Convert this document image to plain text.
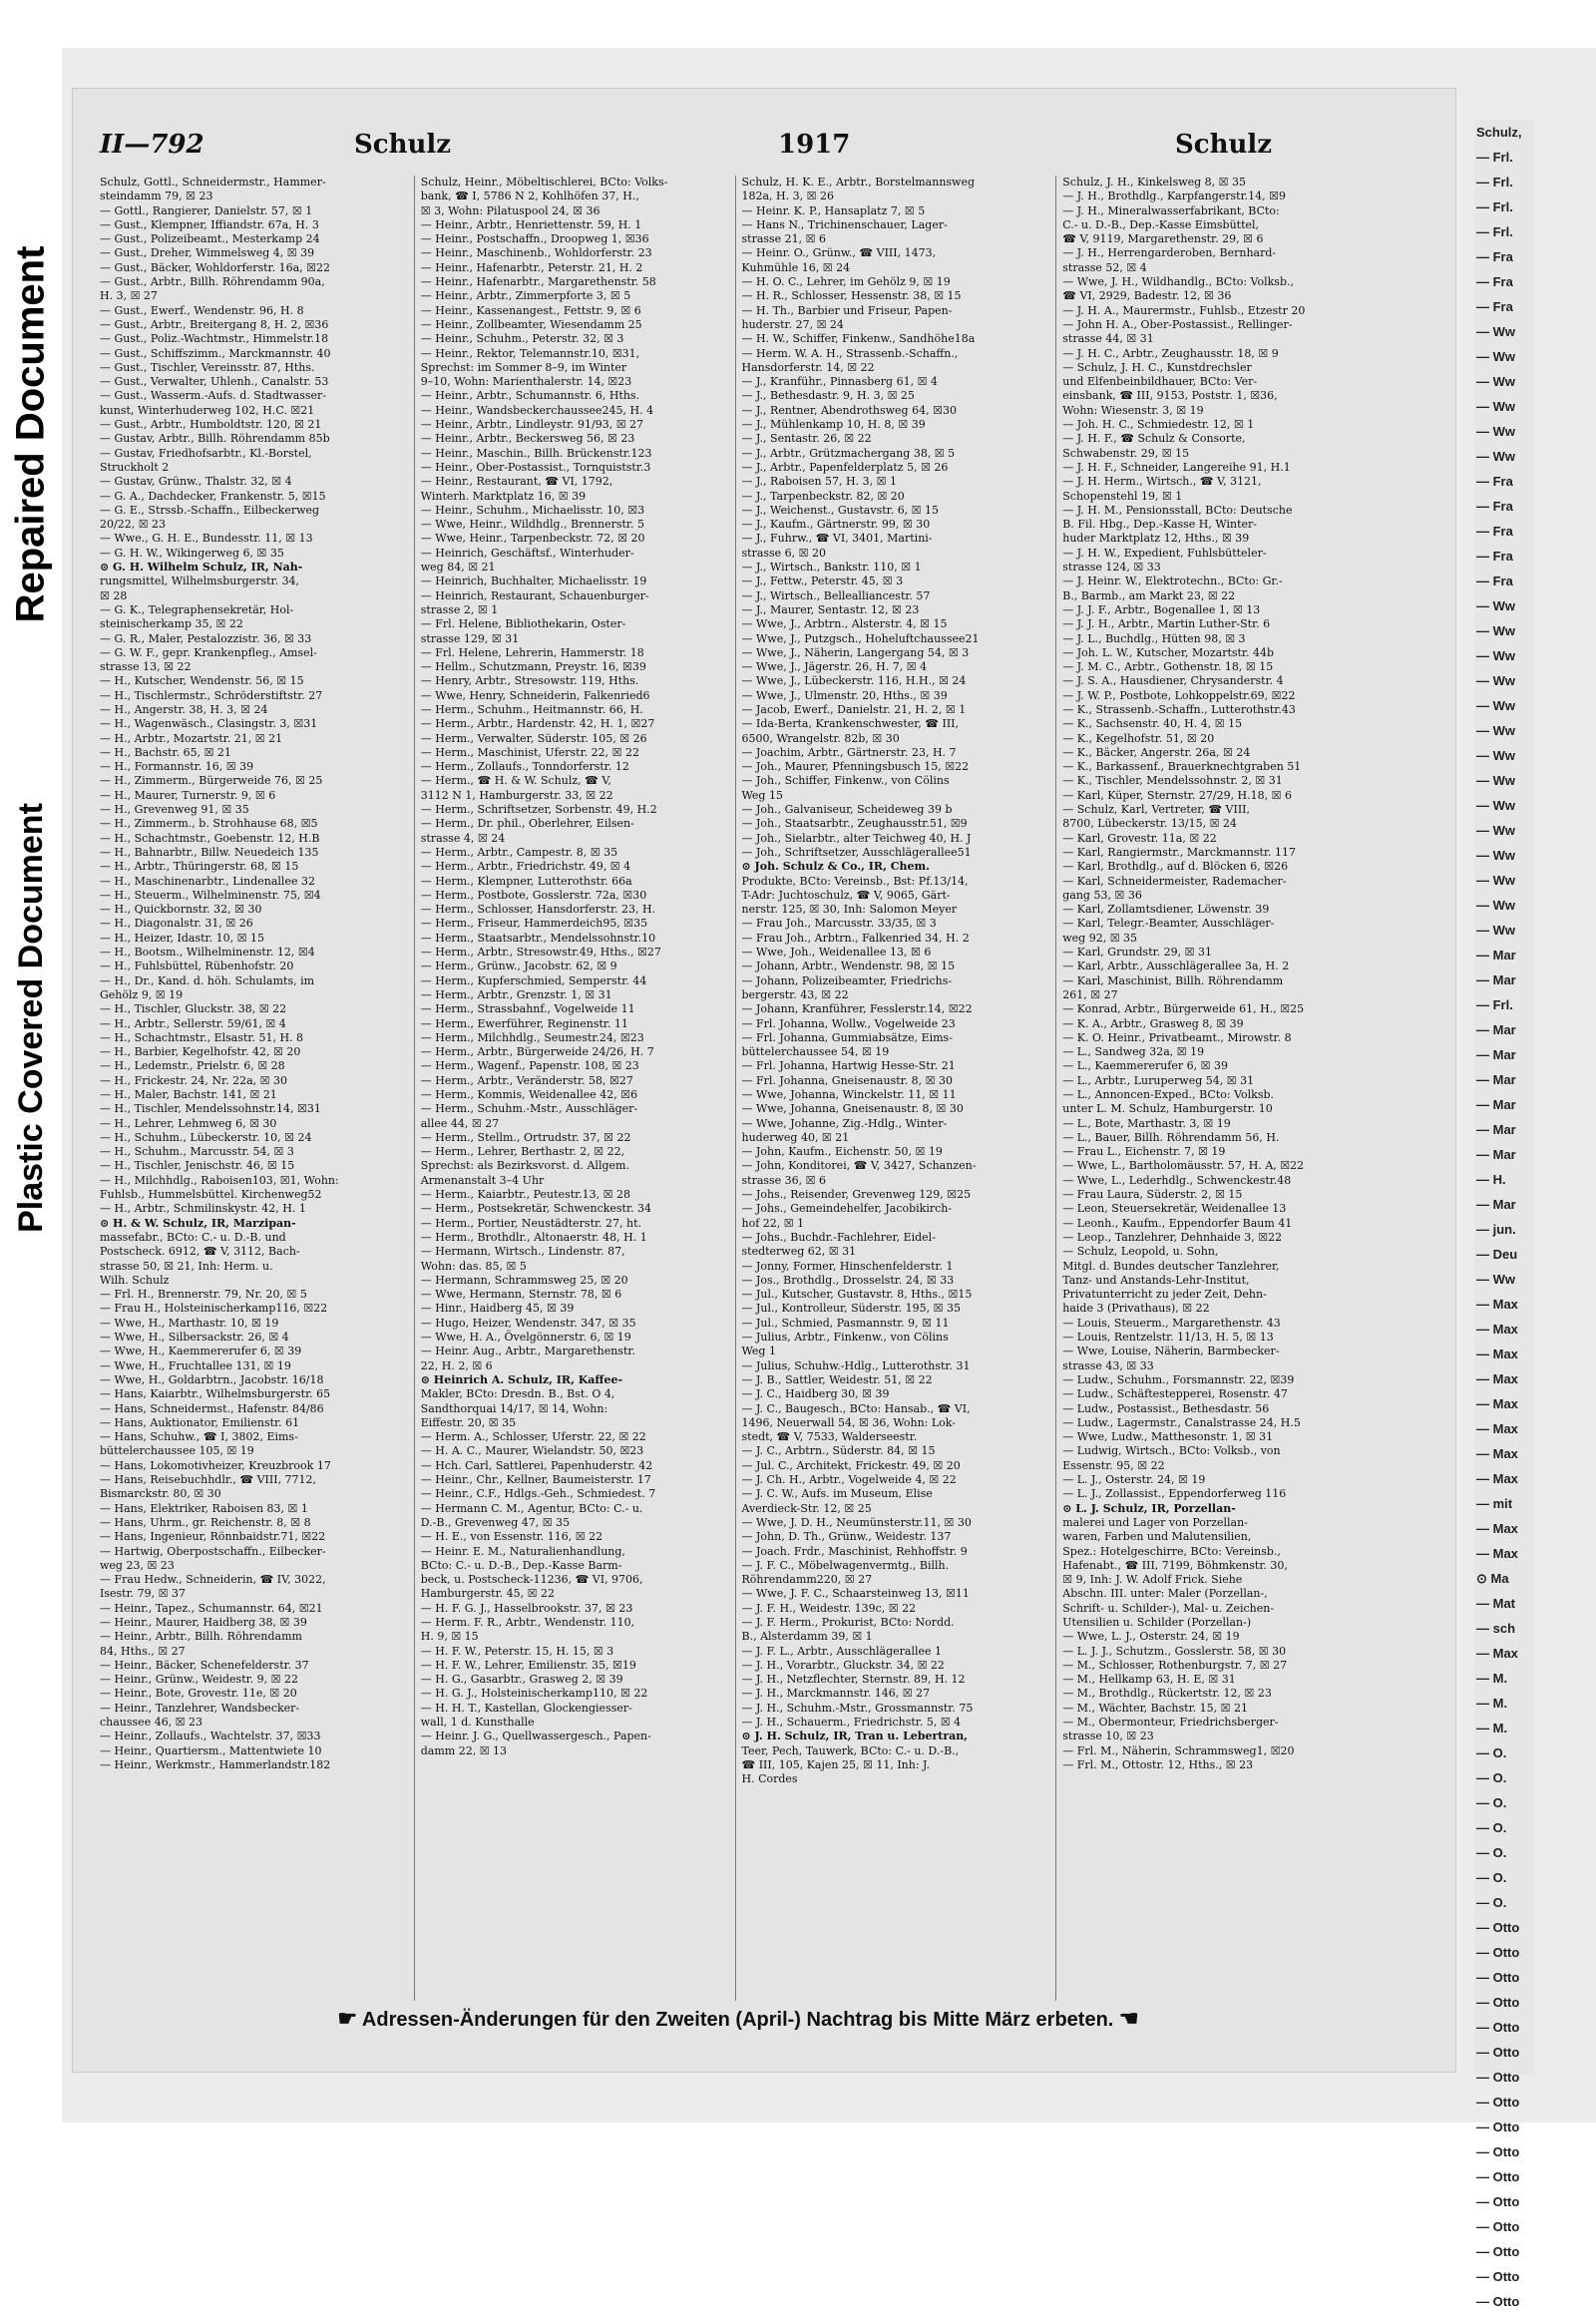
Repaired Document
Plastic Covered Document
Schulz,
— Frl.
— Frl.
— Frl.
— Frl.
— Fra
— Fra
— Fra
— Ww
— Ww
— Ww
— Ww
— Ww
— Ww
— Fra
— Fra
— Fra
— Fra
— Fra
— Ww
— Ww
— Ww
— Ww
— Ww
— Ww
— Ww
— Ww
— Ww
— Ww
— Ww
— Ww
— Ww
— Ww
— Mar
— Mar
— Frl.
— Mar
— Mar
— Mar
— Mar
— Mar
— Mar
— H.
— Mar
— jun.
— Deu
— Ww
— Max
— Max
— Max
— Max
— Max
— Max
— Max
— Max
— mit
— Max
— Max
⊙ Ma
— Mat
— sch
— Max
— M.
— M.
— M.
— O.
— O.
— O.
— O.
— O.
— O.
— O.
— Otto
— Otto
— Otto
— Otto
— Otto
— Otto
— Otto
— Otto
— Otto
— Otto
— Otto
— Otto
— Otto
— Otto
— Otto
— Otto
II—792	Schulz	1917	Schulz
Schulz, Gottl., Schneidermstr., Hammer-
steindamm 79, ☒ 23
— Gottl., Rangierer, Danielstr. 57, ☒ 1
— Gust., Klempner, Iffiandstr. 67a, H. 3
— Gust., Polizeibeamt., Mesterkamp 24
— Gust., Dreher, Wimmelsweg 4, ☒ 39
— Gust., Bäcker, Wohldorferstr. 16a, ☒22
— Gust., Arbtr., Billh. Röhrendamm 90a,
H. 3, ☒ 27
— Gust., Ewerf., Wendenstr. 96, H. 8
— Gust., Arbtr., Breitergang 8, H. 2, ☒36
— Gust., Poliz.-Wachtmstr., Himmelstr.18
— Gust., Schiffszimm., Marckmannstr. 40
— Gust., Tischler, Vereinsstr. 87, Hths.
— Gust., Verwalter, Uhlenh., Canalstr. 53
— Gust., Wasserm.-Aufs. d. Stadtwasser-
kunst, Winterhuderweg 102, H.C. ☒21
— Gust., Arbtr., Humboldtstr. 120, ☒ 21
— Gustav, Arbtr., Billh. Röhrendamm 85b
— Gustav, Friedhofsarbtr., Kl.-Borstel,
Struckholt 2
— Gustav, Grünw., Thalstr. 32, ☒ 4
— G. A., Dachdecker, Frankenstr. 5, ☒15
— G. E., Strssb.-Schaffn., Eilbeckerweg
20/22, ☒ 23
— Wwe., G. H. E., Bundesstr. 11, ☒ 13
— G. H. W., Wikingerweg 6, ☒ 35
⊙ G. H. Wilhelm Schulz, IR, Nah-
rungsmittel, Wilhelmsburgerstr. 34,
☒ 28
— G. K., Telegraphensekretär, Hol-
steinischerkamp 35, ☒ 22
— G. R., Maler, Pestalozzistr. 36, ☒ 33
— G. W. F., gepr. Krankenpfleg., Amsel-
strasse 13, ☒ 22
— H., Kutscher, Wendenstr. 56, ☒ 15
— H., Tischlermstr., Schröderstiftstr. 27
— H., Angerstr. 38, H. 3, ☒ 24
— H., Wagenwäsch., Clasingstr. 3, ☒31
— H., Arbtr., Mozartstr. 21, ☒ 21
— H., Bachstr. 65, ☒ 21
— H., Formannstr. 16, ☒ 39
— H., Zimmerm., Bürgerweide 76, ☒ 25
— H., Maurer, Turnerstr. 9, ☒ 6
— H., Grevenweg 91, ☒ 35
— H., Zimmerm., b. Strohhause 68, ☒5
— H., Schachtmstr., Goebenstr. 12, H.B
— H., Bahnarbtr., Billw. Neuedeich 135
— H., Arbtr., Thüringerstr. 68, ☒ 15
— H., Maschinenarbtr., Lindenallee 32
— H., Steuerm., Wilhelminenstr. 75, ☒4
— H., Quickbornstr. 32, ☒ 30
— H., Diagonalstr. 31, ☒ 26
— H., Heizer, Idastr. 10, ☒ 15
— H., Bootsm., Wilhelminenstr. 12, ☒4
— H., Fuhlsbüttel, Rübenhofstr. 20
— H., Dr., Kand. d. höh. Schulamts, im
Gehölz 9, ☒ 19
— H., Tischler, Gluckstr. 38, ☒ 22
— H., Arbtr., Sellerstr. 59/61, ☒ 4
— H., Schachtmstr., Elsastr. 51, H. 8
— H., Barbier, Kegelhofstr. 42, ☒ 20
— H., Ledemstr., Prielstr. 6, ☒ 28
— H., Frickestr. 24, Nr. 22a, ☒ 30
— H., Maler, Bachstr. 141, ☒ 21
— H., Tischler, Mendelssohnstr.14, ☒31
— H., Lehrer, Lehmweg 6, ☒ 30
— H., Schuhm., Lübeckerstr. 10, ☒ 24
— H., Schuhm., Marcusstr. 54, ☒ 3
— H., Tischler, Jenischstr. 46, ☒ 15
— H., Milchhdlg., Raboisen103, ☒1, Wohn:
Fuhlsb., Hummelsbüttel. Kirchenweg52
— H., Arbtr., Schmilinskystr. 42, H. 1
⊙ H. & W. Schulz, IR, Marzipan-
massefabr., BCto: C.- u. D.-B. und
Postscheck. 6912, ☎ V, 3112, Bach-
strasse 50, ☒ 21, Inh: Herm. u.
Wilh. Schulz
— Frl. H., Brennerstr. 79, Nr. 20, ☒ 5
— Frau H., Holsteinischerkamp116, ☒22
— Wwe, H., Marthastr. 10, ☒ 19
— Wwe, H., Silbersackstr. 26, ☒ 4
— Wwe, H., Kaemmererufer 6, ☒ 39
— Wwe, H., Fruchtallee 131, ☒ 19
— Wwe, H., Goldarbtrn., Jacobstr. 16/18
— Hans, Kaiarbtr., Wilhelmsburgerstr. 65
— Hans, Schneidermst., Hafenstr. 84/86
— Hans, Auktionator, Emilienstr. 61
— Hans, Schuhw., ☎ I, 3802, Eims-
büttelerchaussee 105, ☒ 19
— Hans, Lokomotivheizer, Kreuzbrook 17
— Hans, Reisebuchhdlr., ☎ VIII, 7712,
Bismarckstr. 80, ☒ 30
— Hans, Elektriker, Raboisen 83, ☒ 1
— Hans, Uhrm., gr. Reichenstr. 8, ☒ 8
— Hans, Ingenieur, Rönnbaidstr.71, ☒22
— Hartwig, Oberpostschaffn., Eilbecker-
weg 23, ☒ 23
— Frau Hedw., Schneiderin, ☎ IV, 3022,
Isestr. 79, ☒ 37
— Heinr., Tapez., Schumannstr. 64, ☒21
— Heinr., Maurer, Haidberg 38, ☒ 39
— Heinr., Arbtr., Billh. Röhrendamm
84, Hths., ☒ 27
— Heinr., Bäcker, Schenefelderstr. 37
— Heinr., Grünw., Weidestr. 9, ☒ 22
— Heinr., Bote, Grovestr. 11e, ☒ 20
— Heinr., Tanzlehrer, Wandsbecker-
chaussee 46, ☒ 23
— Heinr., Zollaufs., Wachtelstr. 37, ☒33
— Heinr., Quartiersm., Mattentwiete 10
— Heinr., Werkmstr., Hammerlandstr.182
Schulz, Heinr., Möbeltischlerei, BCto: Volks-
bank, ☎ I, 5786 N 2, Kohlhöfen 37, H.,
☒ 3, Wohn: Pilatuspool 24, ☒ 36
— Heinr., Arbtr., Henriettenstr. 59, H. 1
— Heinr., Postschaffn., Droopweg 1, ☒36
— Heinr., Maschinenb., Wohldorferstr. 23
— Heinr., Hafenarbtr., Peterstr. 21, H. 2
— Heinr., Hafenarbtr., Margarethenstr. 58
— Heinr., Arbtr., Zimmerpforte 3, ☒ 5
— Heinr., Kassenangest., Fettstr. 9, ☒ 6
— Heinr., Zollbeamter, Wiesendamm 25
— Heinr., Schuhm., Peterstr. 32, ☒ 3
— Heinr., Rektor, Telemannstr.10, ☒31,
Sprechst: im Sommer 8–9, im Winter
9–10, Wohn: Marienthalerstr. 14, ☒23
— Heinr., Arbtr., Schumannstr. 6, Hths.
— Heinr., Wandsbeckerchaussee245, H. 4
— Heinr., Arbtr., Lindleystr. 91/93, ☒ 27
— Heinr., Arbtr., Beckersweg 56, ☒ 23
— Heinr., Maschin., Billh. Brückenstr.123
— Heinr., Ober-Postassist., Tornquiststr.3
— Heinr., Restaurant, ☎ VI, 1792,
Winterh. Marktplatz 16, ☒ 39
— Heinr., Schuhm., Michaelisstr. 10, ☒3
— Wwe, Heinr., Wildhdlg., Brennerstr. 5
— Wwe, Heinr., Tarpenbeckstr. 72, ☒ 20
— Heinrich, Geschäftsf., Winterhuder-
weg 84, ☒ 21
— Heinrich, Buchhalter, Michaelisstr. 19
— Heinrich, Restaurant, Schauenburger-
strasse 2, ☒ 1
— Frl. Helene, Bibliothekarin, Oster-
strasse 129, ☒ 31
— Frl. Helene, Lehrerin, Hammerstr. 18
— Hellm., Schutzmann, Preystr. 16, ☒39
— Henry, Arbtr., Stresowstr. 119, Hths.
— Wwe, Henry, Schneiderin, Falkenried6
— Herm., Schuhm., Heitmannstr. 66, H.
— Herm., Arbtr., Hardenstr. 42, H. 1, ☒27
— Herm., Verwalter, Süderstr. 105, ☒ 26
— Herm., Maschinist, Uferstr. 22, ☒ 22
— Herm., Zollaufs., Tonndorferstr. 12
— Herm., ☎ H. & W. Schulz, ☎ V,
3112 N 1, Hamburgerstr. 33, ☒ 22
— Herm., Schriftsetzer, Sorbenstr. 49, H.2
— Herm., Dr. phil., Oberlehrer, Eilsen-
strasse 4, ☒ 24
— Herm., Arbtr., Campestr. 8, ☒ 35
— Herm., Arbtr., Friedrichstr. 49, ☒ 4
— Herm., Klempner, Lutterothstr. 66a
— Herm., Postbote, Gosslerstr. 72a, ☒30
— Herm., Schlosser, Hansdorferstr. 23, H.
— Herm., Friseur, Hammerdeich95, ☒35
— Herm., Staatsarbtr., Mendelssohnstr.10
— Herm., Arbtr., Stresowstr.49, Hths., ☒27
— Herm., Grünw., Jacobstr. 62, ☒ 9
— Herm., Kupferschmied, Semperstr. 44
— Herm., Arbtr., Grenzstr. 1, ☒ 31
— Herm., Strassbahnf., Vogelweide 11
— Herm., Ewerführer, Reginenstr. 11
— Herm., Milchhdlg., Seumestr.24, ☒23
— Herm., Arbtr., Bürgerweide 24/26, H. 7
— Herm., Wagenf., Papenstr. 108, ☒ 23
— Herm., Arbtr., Veränderstr. 58, ☒27
— Herm., Kommis, Weidenallee 42, ☒6
— Herm., Schuhm.-Mstr., Ausschläger-
allee 44, ☒ 27
— Herm., Stellm., Ortrudstr. 37, ☒ 22
— Herm., Lehrer, Berthastr. 2, ☒ 22,
Sprechst: als Bezirksvorst. d. Allgem.
Armenanstalt 3–4 Uhr
— Herm., Kaiarbtr., Peutestr.13, ☒ 28
— Herm., Postsekretär, Schwenckestr. 34
— Herm., Portier, Neustädterstr. 27, ht.
— Herm., Brothdlr., Altonaerstr. 48, H. 1
— Hermann, Wirtsch., Lindenstr. 87,
Wohn: das. 85, ☒ 5
— Hermann, Schrammsweg 25, ☒ 20
— Wwe, Hermann, Sternstr. 78, ☒ 6
— Hinr., Haidberg 45, ☒ 39
— Hugo, Heizer, Wendenstr. 347, ☒ 35
— Wwe, H. A., Övelgönnerstr. 6, ☒ 19
— Heinr. Aug., Arbtr., Margarethenstr.
22, H. 2, ☒ 6
⊙ Heinrich A. Schulz, IR, Kaffee-
Makler, BCto: Dresdn. B., Bst. O 4,
Sandthorquai 14/17, ☒ 14, Wohn:
Eiffestr. 20, ☒ 35
— Herm. A., Schlosser, Uferstr. 22, ☒ 22
— H. A. C., Maurer, Wielandstr. 50, ☒23
— Hch. Carl, Sattlerei, Papenhuderstr. 42
— Heinr., Chr., Kellner, Baumeisterstr. 17
— Heinr., C.F., Hdlgs.-Geh., Schmiedest. 7
— Hermann C. M., Agentur, BCto: C.- u.
D.-B., Grevenweg 47, ☒ 35
— H. E., von Essenstr. 116, ☒ 22
— Heinr. E. M., Naturalienhandlung,
BCto: C.- u. D.-B., Dep.-Kasse Barm-
beck, u. Postscheck-11236, ☎ VI, 9706,
Hamburgerstr. 45, ☒ 22
— H. F. G. J., Hasselbrookstr. 37, ☒ 23
— Herm. F. R., Arbtr., Wendenstr. 110,
H. 9, ☒ 15
— H. F. W., Peterstr. 15, H. 15, ☒ 3
— H. F. W., Lehrer, Emilienstr. 35, ☒19
— H. G., Gasarbtr., Grasweg 2, ☒ 39
— H. G. J., Holsteinischerkamp110, ☒ 22
— H. H. T., Kastellan, Glockengiesser-
wall, 1 d. Kunsthalle
— Heinr. J. G., Quellwassergesch., Papen-
damm 22, ☒ 13
Schulz, H. K. E., Arbtr., Borstelmannsweg
182a, H. 3, ☒ 26
— Heinr. K. P., Hansaplatz 7, ☒ 5
— Hans N., Trichinenschauer, Lager-
strasse 21, ☒ 6
— Heinr. O., Grünw., ☎ VIII, 1473,
Kuhmühle 16, ☒ 24
— H. O. C., Lehrer, im Gehölz 9, ☒ 19
— H. R., Schlosser, Hessenstr. 38, ☒ 15
— H. Th., Barbier und Friseur, Papen-
huderstr. 27, ☒ 24
— H. W., Schiffer, Finkenw., Sandhöhe18a
— Herm. W. A. H., Strassenb.-Schaffn.,
Hansdorferstr. 14, ☒ 22
— J., Kranführ., Pinnasberg 61, ☒ 4
— J., Bethesdastr. 9, H. 3, ☒ 25
— J., Rentner, Abendrothsweg 64, ☒30
— J., Mühlenkamp 10, H. 8, ☒ 39
— J., Sentastr. 26, ☒ 22
— J., Arbtr., Grützmachergang 38, ☒ 5
— J., Arbtr., Papenfelderplatz 5, ☒ 26
— J., Raboisen 57, H. 3, ☒ 1
— J., Tarpenbeckstr. 82, ☒ 20
— J., Weichenst., Gustavstr. 6, ☒ 15
— J., Kaufm., Gärtnerstr. 99, ☒ 30
— J., Fuhrw., ☎ VI, 3401, Martini-
strasse 6, ☒ 20
— J., Wirtsch., Bankstr. 110, ☒ 1
— J., Fettw., Peterstr. 45, ☒ 3
— J., Wirtsch., Bellealliancestr. 57
— J., Maurer, Sentastr. 12, ☒ 23
— Wwe, J., Arbtrn., Alsterstr. 4, ☒ 15
— Wwe, J., Putzgsch., Hoheluftchaussee21
— Wwe, J., Näherin, Langergang 54, ☒ 3
— Wwe, J., Jägerstr. 26, H. 7, ☒ 4
— Wwe, J., Lübeckerstr. 116, H.H., ☒ 24
— Wwe, J., Ulmenstr. 20, Hths., ☒ 39
— Jacob, Ewerf., Danielstr. 21, H. 2, ☒ 1
— Ida-Berta, Krankenschwester, ☎ III,
6500, Wrangelstr. 82b, ☒ 30
— Joachim, Arbtr., Gärtnerstr. 23, H. 7
— Joh., Maurer, Pfenningsbusch 15, ☒22
— Joh., Schiffer, Finkenw., von Cölins
Weg 15
— Joh., Galvaniseur, Scheideweg 39 b
— Joh., Staatsarbtr., Zeughausstr.51, ☒9
— Joh., Sielarbtr., alter Teichweg 40, H. J
— Joh., Schriftsetzer, Ausschlägerallee51
⊙ Joh. Schulz & Co., IR, Chem.
Produkte, BCto: Vereinsb., Bst: Pf.13/14,
T-Adr: Juchtoschulz, ☎ V, 9065, Gärt-
nerstr. 125, ☒ 30, Inh: Salomon Meyer
— Frau Joh., Marcusstr. 33/35, ☒ 3
— Frau Joh., Arbtrn., Falkenried 34, H. 2
— Wwe, Joh., Weidenallee 13, ☒ 6
— Johann, Arbtr., Wendenstr. 98, ☒ 15
— Johann, Polizeibeamter, Friedrichs-
bergerstr. 43, ☒ 22
— Johann, Kranführer, Fesslerstr.14, ☒22
— Frl. Johanna, Wollw., Vogelweide 23
— Frl. Johanna, Gummiabsätze, Eims-
büttelerchaussee 54, ☒ 19
— Frl. Johanna, Hartwig Hesse-Str. 21
— Frl. Johanna, Gneisenaustr. 8, ☒ 30
— Wwe, Johanna, Winckelstr. 11, ☒ 11
— Wwe, Johanna, Gneisenaustr. 8, ☒ 30
— Wwe, Johanne, Zig.-Hdlg., Winter-
huderweg 40, ☒ 21
— John, Kaufm., Eichenstr. 50, ☒ 19
— John, Konditorei, ☎ V, 3427, Schanzen-
strasse 36, ☒ 6
— Johs., Reisender, Grevenweg 129, ☒25
— Johs., Gemeindehelfer, Jacobikirch-
hof 22, ☒ 1
— Johs., Buchdr.-Fachlehrer, Eidel-
stedterweg 62, ☒ 31
— Jonny, Former, Hinschenfelderstr. 1
— Jos., Brothdlg., Drosselstr. 24, ☒ 33
— Jul., Kutscher, Gustavstr. 8, Hths., ☒15
— Jul., Kontrolleur, Süderstr. 195, ☒ 35
— Jul., Schmied, Pasmannstr. 9, ☒ 11
— Julius, Arbtr., Finkenw., von Cölins
Weg 1
— Julius, Schuhw.-Hdlg., Lutterothstr. 31
— J. B., Sattler, Weidestr. 51, ☒ 22
— J. C., Haidberg 30, ☒ 39
— J. C., Baugesch., BCto: Hansab., ☎ VI,
1496, Neuerwall 54, ☒ 36, Wohn: Lok-
stedt, ☎ V, 7533, Walderseestr.
— J. C., Arbtrn., Süderstr. 84, ☒ 15
— Jul. C., Architekt, Frickestr. 49, ☒ 20
— J. Ch. H., Arbtr., Vogelweide 4, ☒ 22
— J. C. W., Aufs. im Museum, Elise
Averdieck-Str. 12, ☒ 25
— Wwe, J. D. H., Neumünsterstr.11, ☒ 30
— John, D. Th., Grünw., Weidestr. 137
— Joach. Frdr., Maschinist, Rehhoffstr. 9
— J. F. C., Möbelwagenvermtg., Billh.
Röhrendamm220, ☒ 27
— Wwe, J. F. C., Schaarsteinweg 13, ☒11
— J. F. H., Weidestr. 139c, ☒ 22
— J. F. Herm., Prokurist, BCto: Nordd.
B., Alsterdamm 39, ☒ 1
— J. F. L., Arbtr., Ausschlägerallee 1
— J. H., Vorarbtr., Gluckstr. 34, ☒ 22
— J. H., Netzflechter, Sternstr. 89, H. 12
— J. H., Marckmannstr. 146, ☒ 27
— J. H., Schuhm.-Mstr., Grossmannstr. 75
— J. H., Schauerm., Friedrichstr. 5, ☒ 4
⊙ J. H. Schulz, IR, Tran u. Lebertran,
Teer, Pech, Tauwerk, BCto: C.- u. D.-B.,
☎ III, 105, Kajen 25, ☒ 11, Inh: J.
H. Cordes
Schulz, J. H., Kinkelsweg 8, ☒ 35
— J. H., Brothdlg., Karpfangerstr.14, ☒9
— J. H., Mineralwasserfabrikant, BCto:
C.- u. D.-B., Dep.-Kasse Eimsbüttel,
☎ V, 9119, Margarethenstr. 29, ☒ 6
— J. H., Herrengarderoben, Bernhard-
strasse 52, ☒ 4
— Wwe, J. H., Wildhandlg., BCto: Volksb.,
☎ VI, 2929, Badestr. 12, ☒ 36
— J. H. A., Maurermstr., Fuhlsb., Etzestr 20
— John H. A., Ober-Postassist., Rellinger-
strasse 44, ☒ 31
— J. H. C., Arbtr., Zeughausstr. 18, ☒ 9
— Schulz, J. H. C., Kunstdrechsler
und Elfenbeinbildhauer, BCto: Ver-
einsbank, ☎ III, 9153, Poststr. 1, ☒36,
Wohn: Wiesenstr. 3, ☒ 19
— Joh. H. C., Schmiedestr. 12, ☒ 1
— J. H. F., ☎ Schulz & Consorte,
Schwabenstr. 29, ☒ 15
— J. H. F., Schneider, Langereihe 91, H.1
— J. H. Herm., Wirtsch., ☎ V, 3121,
Schopenstehl 19, ☒ 1
— J. H. M., Pensionsstall, BCto: Deutsche
B. Fil. Hbg., Dep.-Kasse H, Winter-
huder Marktplatz 12, Hths., ☒ 39
— J. H. W., Expedient, Fuhlsbütteler-
strasse 124, ☒ 33
— J. Heinr. W., Elektrotechn., BCto: Gr.-
B., Barmb., am Markt 23, ☒ 22
— J. J. F., Arbtr., Bogenallee 1, ☒ 13
— J. J. H., Arbtr., Martin Luther-Str. 6
— J. L., Buchdlg., Hütten 98, ☒ 3
— Joh. L. W., Kutscher, Mozartstr. 44b
— J. M. C., Arbtr., Gothenstr. 18, ☒ 15
— J. S. A., Hausdiener, Chrysanderstr. 4
— J. W. P., Postbote, Lohkoppelstr.69, ☒22
— K., Strassenb.-Schaffn., Lutterothstr.43
— K., Sachsenstr. 40, H. 4, ☒ 15
— K., Kegelhofstr. 51, ☒ 20
— K., Bäcker, Angerstr. 26a, ☒ 24
— K., Barkassenf., Brauerknechtgraben 51
— K., Tischler, Mendelssohnstr. 2, ☒ 31
— Karl, Küper, Sternstr. 27/29, H.18, ☒ 6
— Schulz, Karl, Vertreter, ☎ VIII,
8700, Lübeckerstr. 13/15, ☒ 24
— Karl, Grovestr. 11a, ☒ 22
— Karl, Rangiermstr., Marckmannstr. 117
— Karl, Brothdlg., auf d. Blöcken 6, ☒26
— Karl, Schneidermeister, Rademacher-
gang 53, ☒ 36
— Karl, Zollamtsdiener, Löwenstr. 39
— Karl, Telegr.-Beamter, Ausschläger-
weg 92, ☒ 35
— Karl, Grundstr. 29, ☒ 31
— Karl, Arbtr., Ausschlägerallee 3a, H. 2
— Karl, Maschinist, Billh. Röhrendamm
261, ☒ 27
— Konrad, Arbtr., Bürgerweide 61, H., ☒25
— K. A., Arbtr., Grasweg 8, ☒ 39
— K. O. Heinr., Privatbeamt., Mirowstr. 8
— L., Sandweg 32a, ☒ 19
— L., Kaemmererufer 6, ☒ 39
— L., Arbtr., Luruperweg 54, ☒ 31
— L., Annoncen-Exped., BCto: Volksb.
unter L. M. Schulz, Hamburgerstr. 10
— L., Bote, Marthastr. 3, ☒ 19
— L., Bauer, Billh. Röhrendamm 56, H.
— Frau L., Eichenstr. 7, ☒ 19
— Wwe, L., Bartholomäusstr. 57, H. A, ☒22
— Wwe, L., Lederhdlg., Schwenckestr.48
— Frau Laura, Süderstr. 2, ☒ 15
— Leon, Steuersekretär, Weidenallee 13
— Leonh., Kaufm., Eppendorfer Baum 41
— Leop., Tanzlehrer, Dehnhaide 3, ☒22
— Schulz, Leopold, u. Sohn,
Mitgl. d. Bundes deutscher Tanzlehrer,
Tanz- und Anstands-Lehr-Institut,
Privatunterricht zu jeder Zeit, Dehn-
haide 3 (Privathaus), ☒ 22
— Louis, Steuerm., Margarethenstr. 43
— Louis, Rentzelstr. 11/13, H. 5, ☒ 13
— Wwe, Louise, Näherin, Barmbecker-
strasse 43, ☒ 33
— Ludw., Schuhm., Forsmannstr. 22, ☒39
— Ludw., Schäftestepperei, Rosenstr. 47
— Ludw., Postassist., Bethesdastr. 56
— Ludw., Lagermstr., Canalstrasse 24, H.5
— Wwe, Ludw., Matthesonstr. 1, ☒ 31
— Ludwig, Wirtsch., BCto: Volksb., von
Essenstr. 95, ☒ 22
— L. J., Osterstr. 24, ☒ 19
— L. J., Zollassist., Eppendorferweg 116
⊙ L. J. Schulz, IR, Porzellan-
malerei und Lager von Porzellan-
waren, Farben und Malutensilien,
Spez.: Hotelgeschirre, BCto: Vereinsb.,
Hafenabt., ☎ III, 7199, Böhmkenstr. 30,
☒ 9, Inh: J. W. Adolf Frick. Siehe
Abschn. III. unter: Maler (Porzellan-,
Schrift- u. Schilder-), Mal- u. Zeichen-
Utensilien u. Schilder (Porzellan-)
— Wwe, L. J., Osterstr. 24, ☒ 19
— L. J. J., Schutzm., Gosslerstr. 58, ☒ 30
— M., Schlosser, Rothenburgstr. 7, ☒ 27
— M., Hellkamp 63, H. E, ☒ 31
— M., Brothdlg., Rückertstr. 12, ☒ 23
— M., Wächter, Bachstr. 15, ☒ 21
— M., Obermonteur, Friedrichsberger-
strasse 10, ☒ 23
— Frl. M., Näherin, Schrammsweg1, ☒20
— Frl. M., Ottostr. 12, Hths., ☒ 23
☛ Adressen-Änderungen für den Zweiten (April-) Nachtrag bis Mitte März erbeten. ☚
